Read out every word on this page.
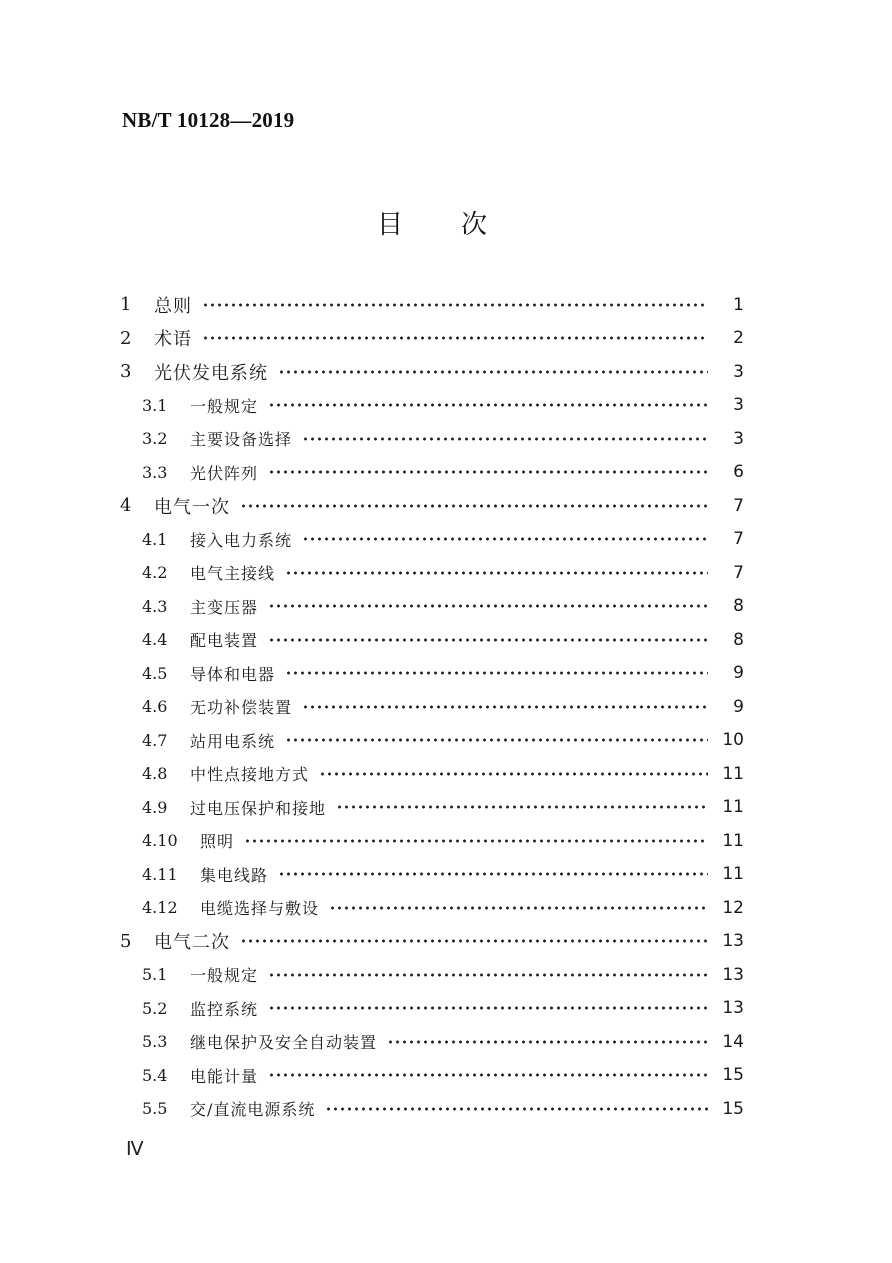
NB/T 10128—2019
目次
1	总则	1
2	术语	2
3	光伏发电系统	3
3.1	一般规定	3
3.2	主要设备选择	3
3.3	光伏阵列	6
4	电气一次	7
4.1	接入电力系统	7
4.2	电气主接线	7
4.3	主变压器	8
4.4	配电装置	8
4.5	导体和电器	9
4.6	无功补偿装置	9
4.7	站用电系统	10
4.8	中性点接地方式	11
4.9	过电压保护和接地	11
4.10	照明	11
4.11	集电线路	11
4.12	电缆选择与敷设	12
5	电气二次	13
5.1	一般规定	13
5.2	监控系统	13
5.3	继电保护及安全自动装置	14
5.4	电能计量	15
5.5	交/直流电源系统	15
Ⅳ
